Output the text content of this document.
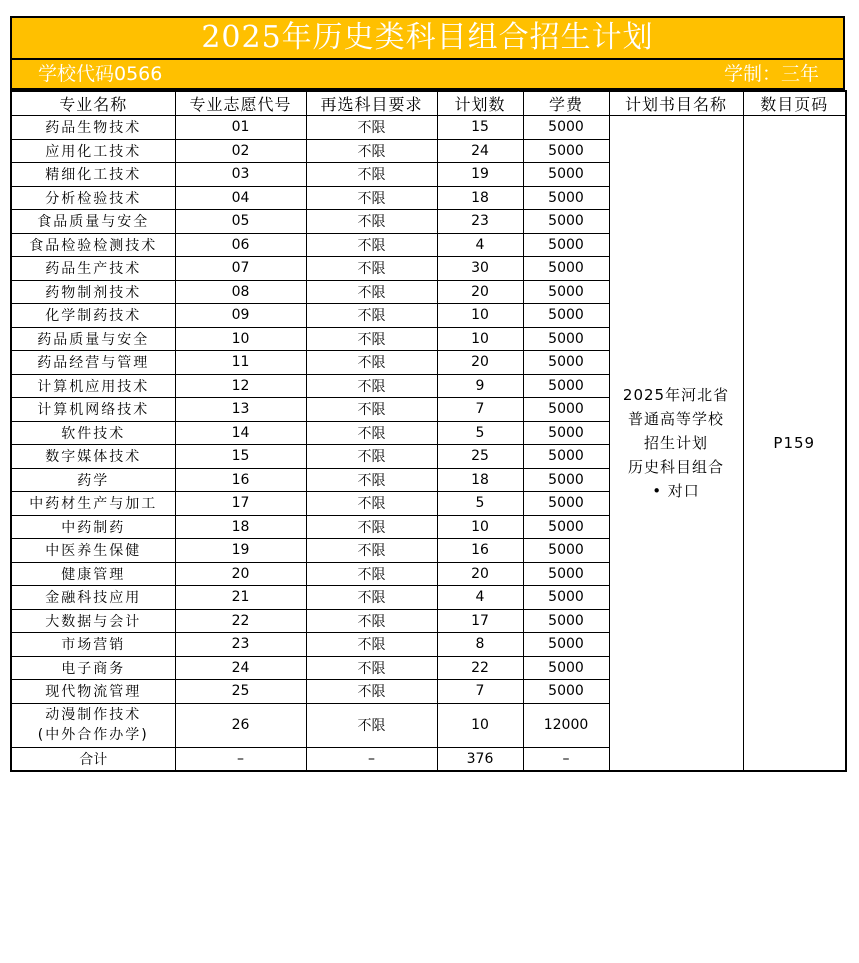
2025年历史类科目组合招生计划
学校代码0566	学制：三年
专业名称	专业志愿代号	再选科目要求	计划数	学费	计划书目名称	数目页码
药品生物技术	01	不限	15	5000	2025年河北省
普通高等学校
招生计划
历史科目组合
• 对口	P159
应用化工技术	02	不限	24	5000		
精细化工技术	03	不限	19	5000		
分析检验技术	04	不限	18	5000		
食品质量与安全	05	不限	23	5000		
食品检验检测技术	06	不限	4	5000		
药品生产技术	07	不限	30	5000		
药物制剂技术	08	不限	20	5000		
化学制药技术	09	不限	10	5000		
药品质量与安全	10	不限	10	5000		
药品经营与管理	11	不限	20	5000		
计算机应用技术	12	不限	9	5000		
计算机网络技术	13	不限	7	5000		
软件技术	14	不限	5	5000		
数字媒体技术	15	不限	25	5000		
药学	16	不限	18	5000		
中药材生产与加工	17	不限	5	5000		
中药制药	18	不限	10	5000		
中医养生保健	19	不限	16	5000		
健康管理	20	不限	20	5000		
金融科技应用	21	不限	4	5000		
大数据与会计	22	不限	17	5000		
市场营销	23	不限	8	5000		
电子商务	24	不限	22	5000		
现代物流管理	25	不限	7	5000		

动漫制作技术
(中外合作办学)	26	不限	10	12000		
合计	–	–	376	–		
